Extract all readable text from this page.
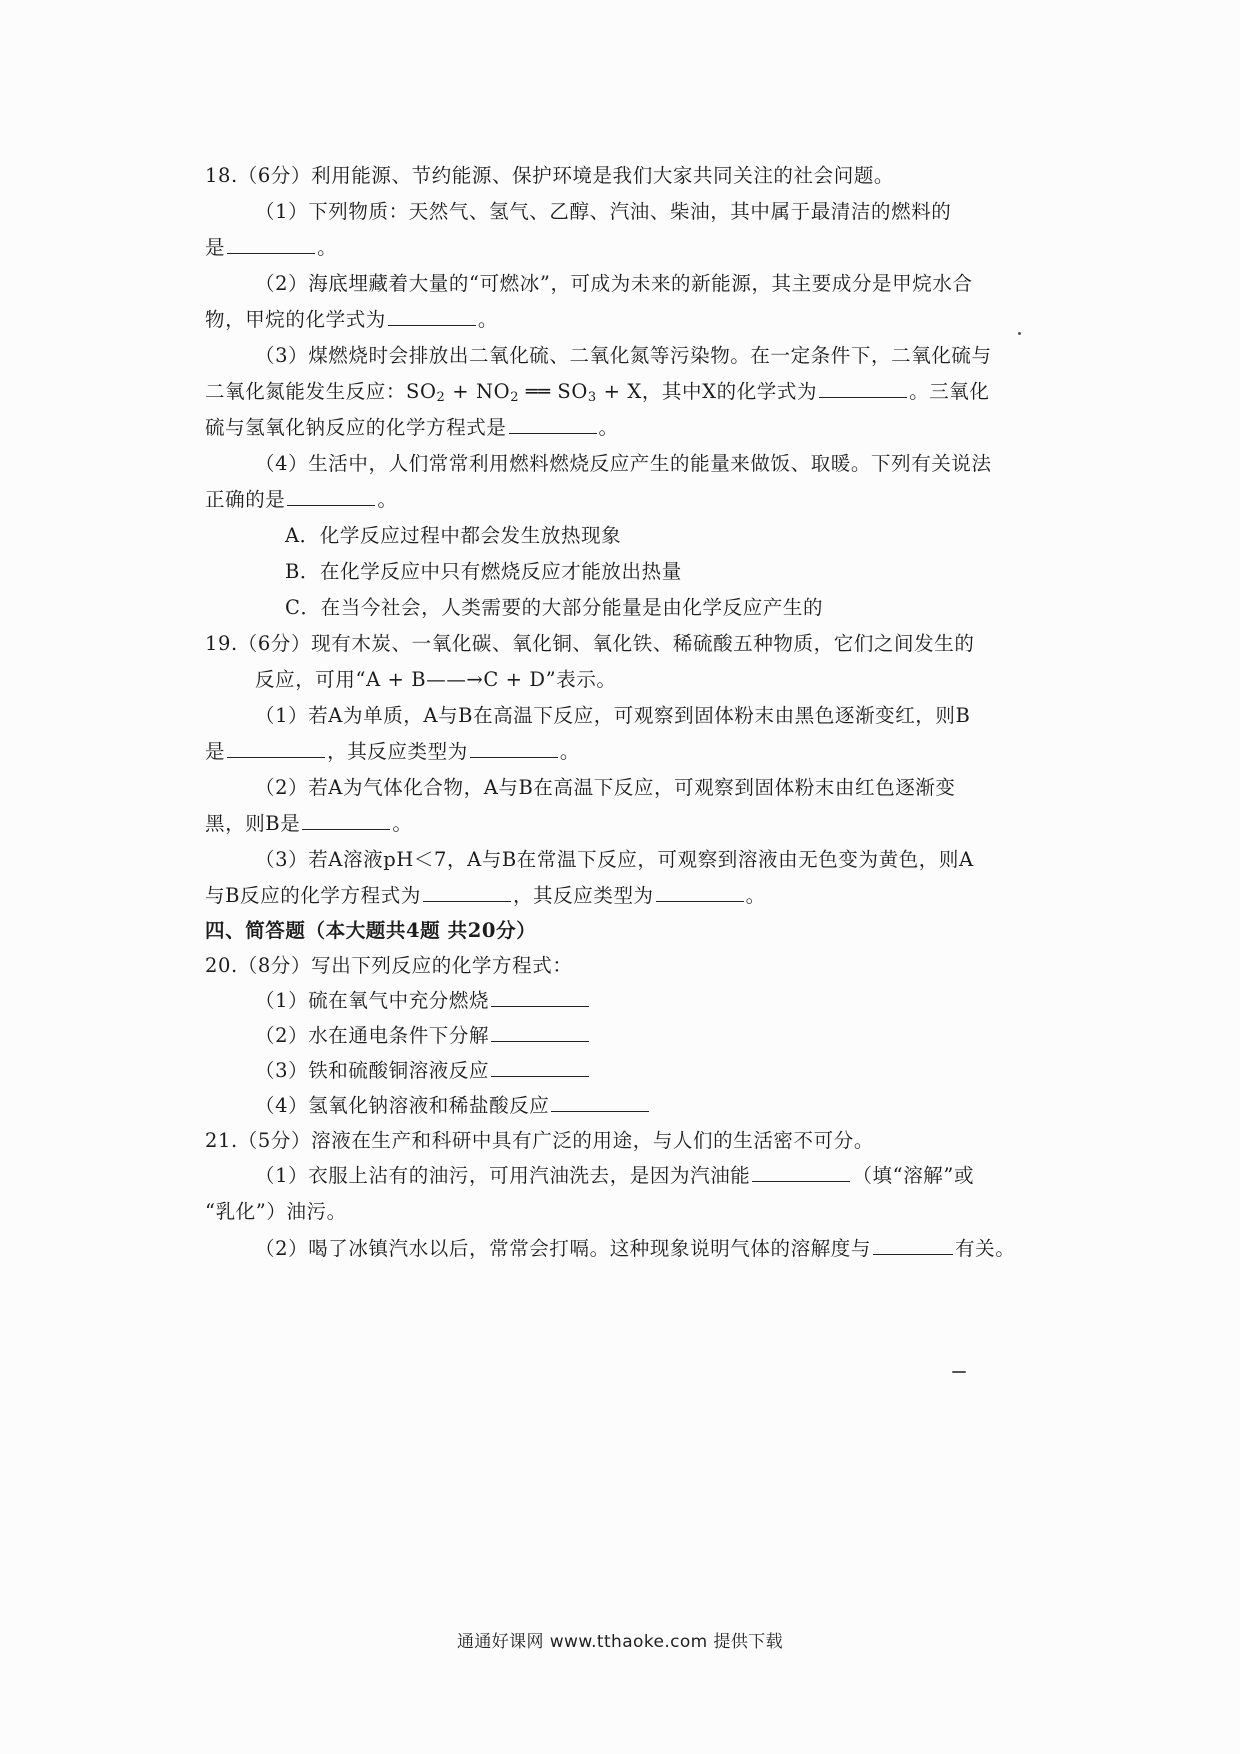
18.（6分）利用能源、节约能源、保护环境是我们大家共同关注的社会问题。
（1）下列物质：天然气、氢气、乙醇、汽油、柴油，其中属于最清洁的燃料的
是	。
（2）海底埋藏着大量的“可燃冰”，可成为未来的新能源，其主要成分是甲烷水合
物，甲烷的化学式为	。
（3）煤燃烧时会排放出二氧化硫、二氧化氮等污染物。在一定条件下，二氧化硫与
二氧化氮能发生反应：$SO_2 + NO_2$ ══ $SO_3 + X$，其中X的化学式为	。三氧化
硫与氢氧化钠反应的化学方程式是	。
（4）生活中，人们常常利用燃料燃烧反应产生的能量来做饭、取暖。下列有关说法
正确的是	。
A．化学反应过程中都会发生放热现象
B．在化学反应中只有燃烧反应才能放出热量
C．在当今社会，人类需要的大部分能量是由化学反应产生的
19.（6分）现有木炭、一氧化碳、氧化铜、氧化铁、稀硫酸五种物质，它们之间发生的
反应，可用“A + B——→C + D”表示。
（1）若A为单质，A与B在高温下反应，可观察到固体粉末由黑色逐渐变红，则B
是	，其反应类型为	。
（2）若A为气体化合物，A与B在高温下反应，可观察到固体粉末由红色逐渐变
黑，则B是	。
（3）若A溶液pH＜7，A与B在常温下反应，可观察到溶液由无色变为黄色，则A
与B反应的化学方程式为	，其反应类型为	。
四、简答题（本大题共4题 共20分）
20.（8分）写出下列反应的化学方程式：
（1）硫在氧气中充分燃烧
（2）水在通电条件下分解
（3）铁和硫酸铜溶液反应
（4）氢氧化钠溶液和稀盐酸反应
21.（5分）溶液在生产和科研中具有广泛的用途，与人们的生活密不可分。
（1）衣服上沾有的油污，可用汽油洗去，是因为汽油能	（填“溶解”或
“乳化”）油污。
（2）喝了冰镇汽水以后，常常会打嗝。这种现象说明气体的溶解度与	有关。
通通好课网 www.tthaoke.com 提供下载
